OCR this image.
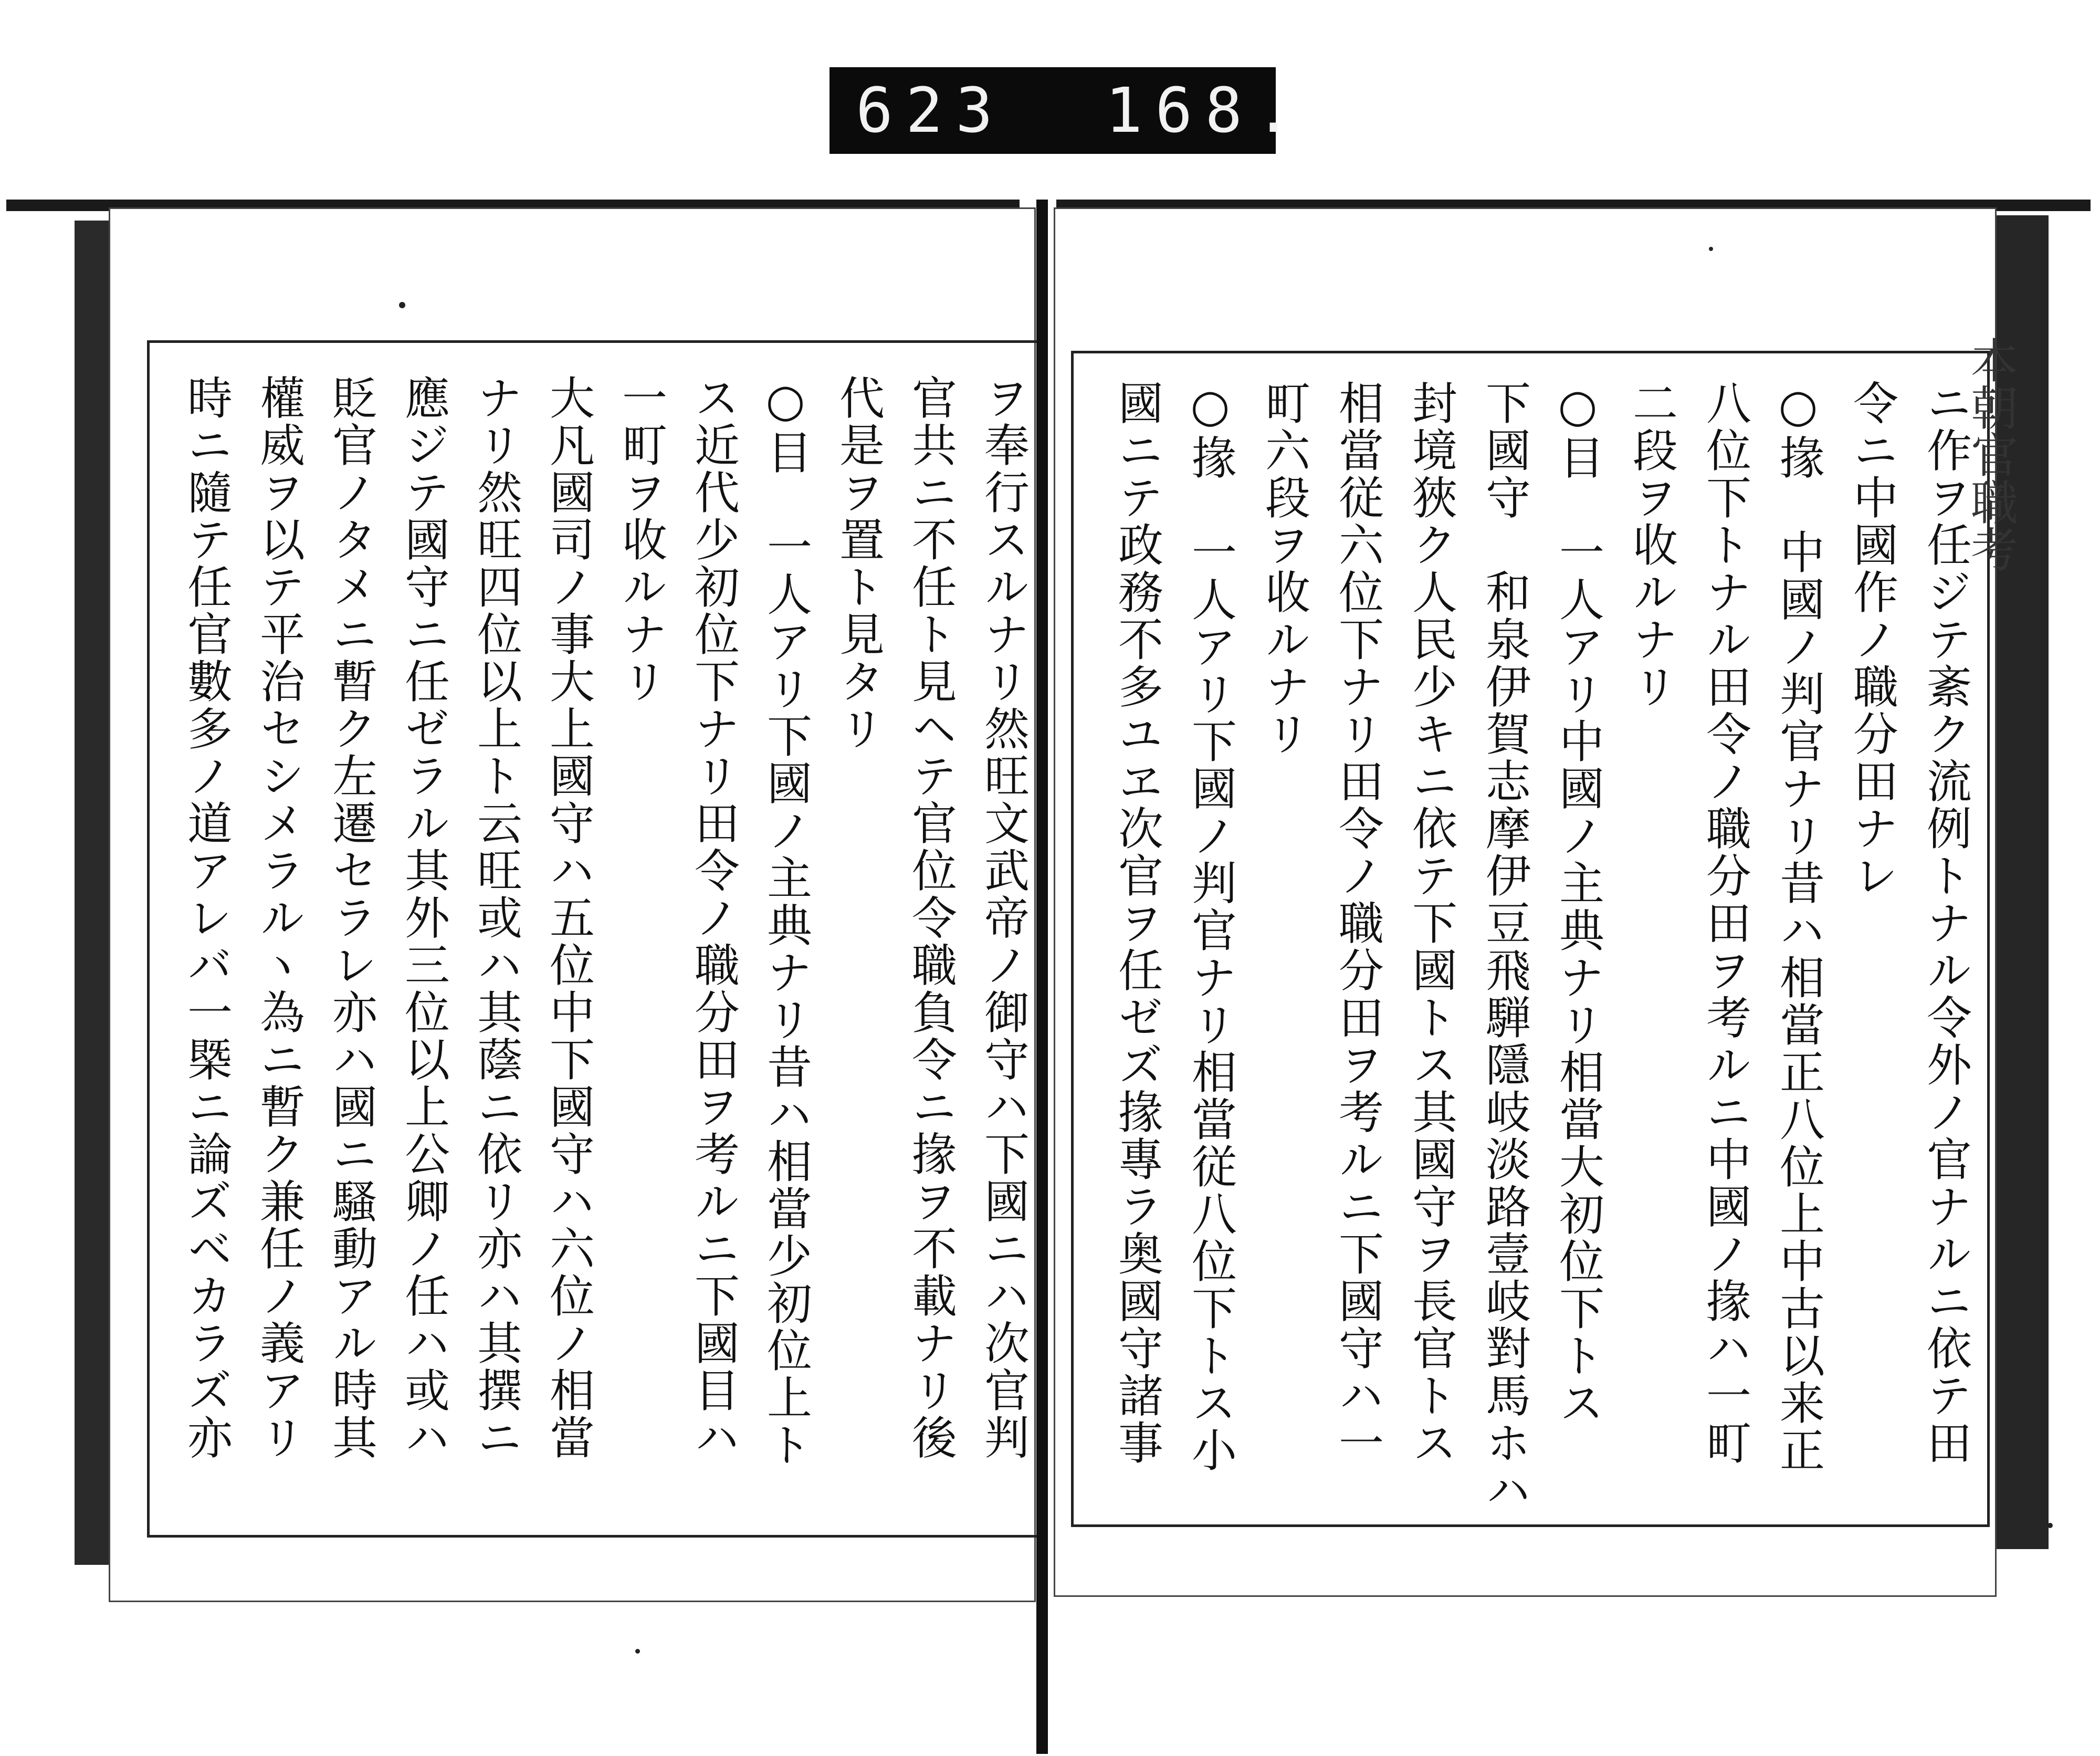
623  168.
ヲ奉行スルナリ然旺文武帝ノ御守ハ下國ニハ次官判
官共ニ不任ト見ヘテ官位令職負令ニ掾ヲ不載ナリ後
代是ヲ置ト見タリ
○目　一人アリ下國ノ主典ナリ昔ハ相當少初位上ト
ス近代少初位下ナリ田令ノ職分田ヲ考ルニ下國目ハ
一町ヲ收ルナリ
大凡國司ノ事大上國守ハ五位中下國守ハ六位ノ相當
ナリ然旺四位以上ト云旺或ハ其蔭ニ依リ亦ハ其撰ニ
應ジテ國守ニ任ゼラル其外三位以上公卿ノ任ハ或ハ
貶官ノタメニ暫ク左遷セラレ亦ハ國ニ騷動アル時其
權威ヲ以テ平治セシメラルヽ為ニ暫ク兼任ノ義アリ
時ニ隨テ任官數多ノ道アレバ一槩ニ論ズベカラズ亦	ニ作ヲ任ジテ紊ク流例トナル令外ノ官ナルニ依テ田
令ニ中國作ノ職分田ナレ
○掾　中國ノ判官ナリ昔ハ相當正八位上中古以来正
八位下トナル田令ノ職分田ヲ考ルニ中國ノ掾ハ一町
二段ヲ收ルナリ
○目　一人アリ中國ノ主典ナリ相當大初位下トス
下國守　和泉伊賀志摩伊豆飛騨隱岐淡路壹岐對馬ホハ
封境狹ク人民少キニ依テ下國トス其國守ヲ長官トス
相當従六位下ナリ田令ノ職分田ヲ考ルニ下國守ハ一
町六段ヲ收ルナリ
○掾　一人アリ下國ノ判官ナリ相當従八位下トス小
國ニテ政務不多ユヱ次官ヲ任ゼズ掾專ラ奥國守諸事	本朝官職考
